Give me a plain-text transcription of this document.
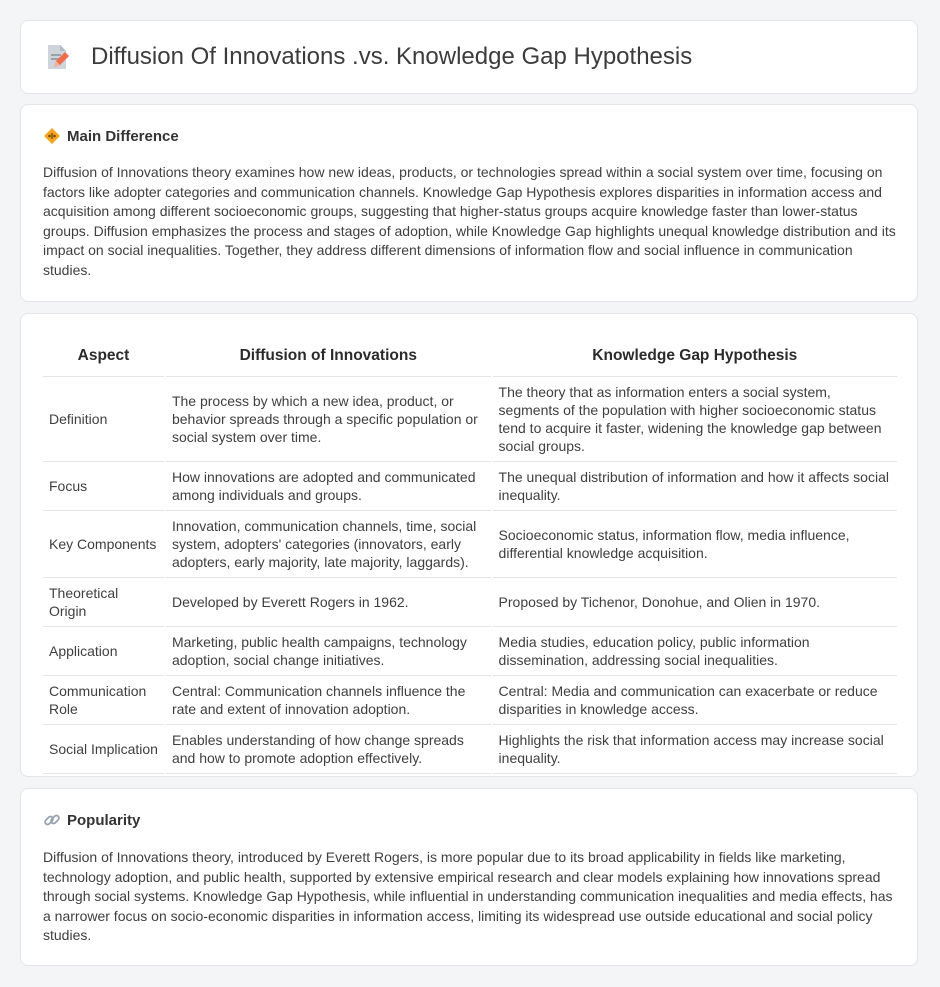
Diffusion Of Innovations .vs. Knowledge Gap Hypothesis
Main Difference

Diffusion of Innovations theory examines how new ideas, products, or technologies spread within a social system over time, focusing on factors like adopter categories and communication channels. Knowledge Gap Hypothesis explores disparities in information access and acquisition among different socioeconomic groups, suggesting that higher-status groups acquire knowledge faster than lower-status groups. Diffusion emphasizes the process and stages of adoption, while Knowledge Gap highlights unequal knowledge distribution and its impact on social inequalities. Together, they address different dimensions of information flow and social influence in communication studies.

Aspect	Diffusion of Innovations	Knowledge Gap Hypothesis
Definition	The process by which a new idea, product, or behavior spreads through a specific population or social system over time.	The theory that as information enters a social system, segments of the population with higher socioeconomic status tend to acquire it faster, widening the knowledge gap between social groups.
Focus	How innovations are adopted and communicated among individuals and groups.	The unequal distribution of information and how it affects social inequality.
Key Components	Innovation, communication channels, time, social system, adopters' categories (innovators, early adopters, early majority, late majority, laggards).	Socioeconomic status, information flow, media influence, differential knowledge acquisition.
Theoretical Origin	Developed by Everett Rogers in 1962.	Proposed by Tichenor, Donohue, and Olien in 1970.
Application	Marketing, public health campaigns, technology adoption, social change initiatives.	Media studies, education policy, public information dissemination, addressing social inequalities.
Communication Role	Central: Communication channels influence the rate and extent of innovation adoption.	Central: Media and communication can exacerbate or reduce disparities in knowledge access.
Social Implication	Enables understanding of how change spreads and how to promote adoption effectively.	Highlights the risk that information access may increase social inequality.
Popularity

Diffusion of Innovations theory, introduced by Everett Rogers, is more popular due to its broad applicability in fields like marketing, technology adoption, and public health, supported by extensive empirical research and clear models explaining how innovations spread through social systems. Knowledge Gap Hypothesis, while influential in understanding communication inequalities and media effects, has a narrower focus on socio-economic disparities in information access, limiting its widespread use outside educational and social policy studies.
